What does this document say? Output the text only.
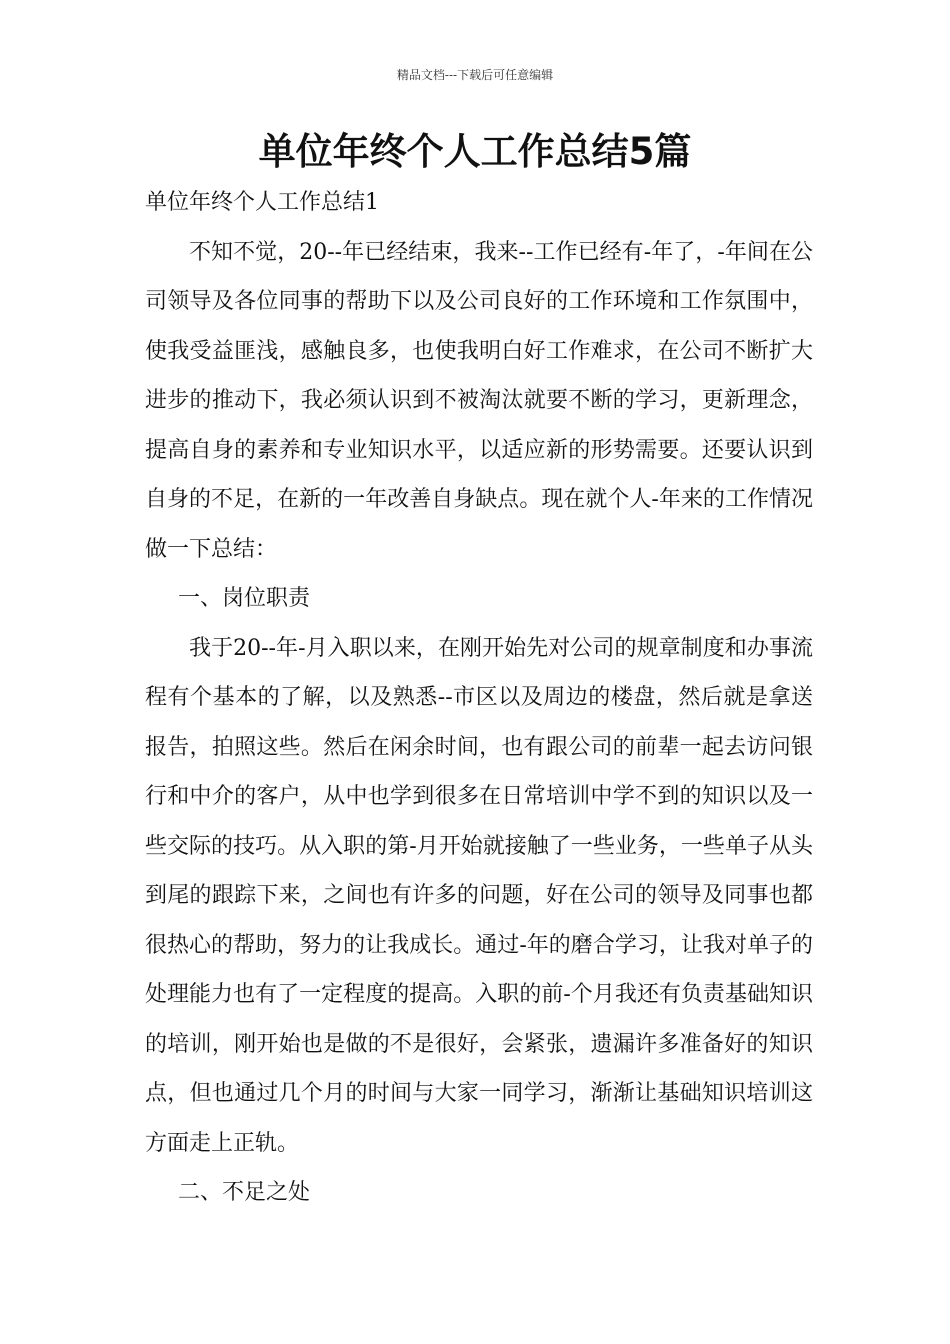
精品文档---下载后可任意编辑
单位年终个人工作总结5篇

单位年终个人工作总结1

不知不觉，20--年已经结束，我来--工作已经有-年了，-年间在公司领导及各位同事的帮助下以及公司良好的工作环境和工作氛围中，使我受益匪浅，感触良多，也使我明白好工作难求，在公司不断扩大进步的推动下，我必须认识到不被淘汰就要不断的学习，更新理念，提高自身的素养和专业知识水平，以适应新的形势需要。还要认识到自身的不足，在新的一年改善自身缺点。现在就个人-年来的工作情况做一下总结：

一、岗位职责

我于20--年-月入职以来，在刚开始先对公司的规章制度和办事流程有个基本的了解，以及熟悉--市区以及周边的楼盘，然后就是拿送报告，拍照这些。然后在闲余时间，也有跟公司的前辈一起去访问银行和中介的客户，从中也学到很多在日常培训中学不到的知识以及一些交际的技巧。从入职的第-月开始就接触了一些业务，一些单子从头到尾的跟踪下来，之间也有许多的问题，好在公司的领导及同事也都很热心的帮助，努力的让我成长。通过-年的磨合学习，让我对单子的处理能力也有了一定程度的提高。入职的前-个月我还有负责基础知识的培训，刚开始也是做的不是很好，会紧张，遗漏许多准备好的知识点，但也通过几个月的时间与大家一同学习，渐渐让基础知识培训这方面走上正轨。

二、不足之处
